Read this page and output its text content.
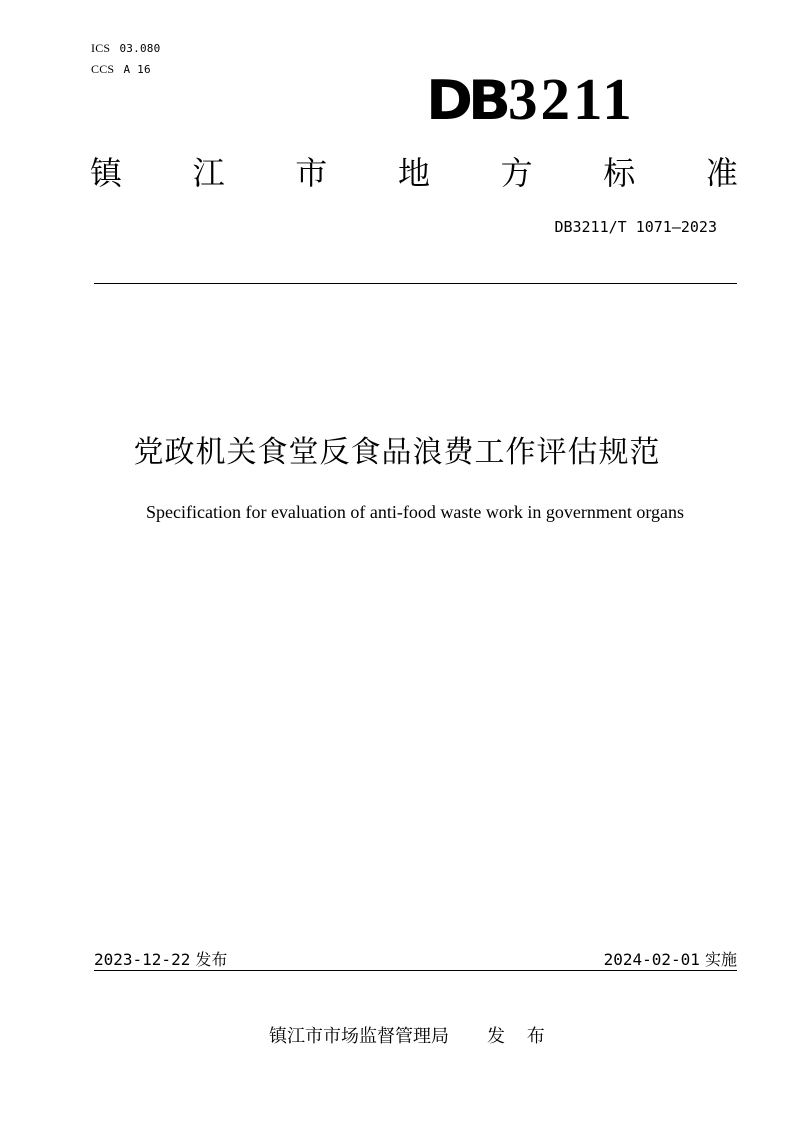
ICS 03.080
CCS A 16	DB 3211
镇 江 市 地 方 标 准
DB3211/T 1071—2023
党政机关食堂反食品浪费工作评估规范
Specification for evaluation of anti-food waste work in government organs
2023-12-22 发布	2024-02-01 实施
镇江市市场监督管理局 发 布
